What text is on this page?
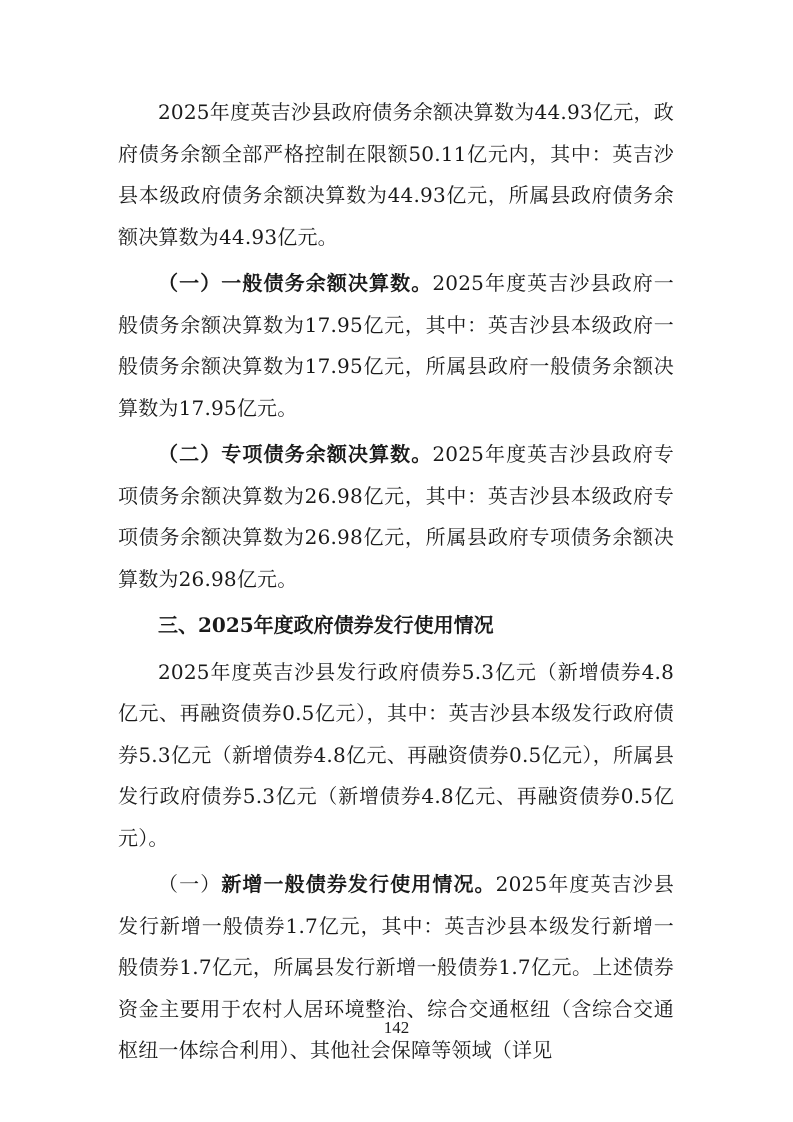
2025年度英吉沙县政府债务余额决算数为44.93亿元，政府债务余额全部严格控制在限额50.11亿元内，其中：英吉沙县本级政府债务余额决算数为44.93亿元，所属县政府债务余额决算数为44.93亿元。

（一）一般债务余额决算数。2025年度英吉沙县政府一般债务余额决算数为17.95亿元，其中：英吉沙县本级政府一般债务余额决算数为17.95亿元，所属县政府一般债务余额决算数为17.95亿元。

（二）专项债务余额决算数。2025年度英吉沙县政府专项债务余额决算数为26.98亿元，其中：英吉沙县本级政府专项债务余额决算数为26.98亿元，所属县政府专项债务余额决算数为26.98亿元。

三、2025年度政府债券发行使用情况

2025年度英吉沙县发行政府债券5.3亿元（新增债券4.8亿元、再融资债券0.5亿元），其中：英吉沙县本级发行政府债券5.3亿元（新增债券4.8亿元、再融资债券0.5亿元），所属县发行政府债券5.3亿元（新增债券4.8亿元、再融资债券0.5亿元）。

（一）新增一般债券发行使用情况。2025年度英吉沙县发行新增一般债券1.7亿元，其中：英吉沙县本级发行新增一般债券1.7亿元，所属县发行新增一般债券1.7亿元。上述债券资金主要用于农村人居环境整治、综合交通枢纽（含综合交通枢纽一体综合利用）、其他社会保障等领域（详见

142
